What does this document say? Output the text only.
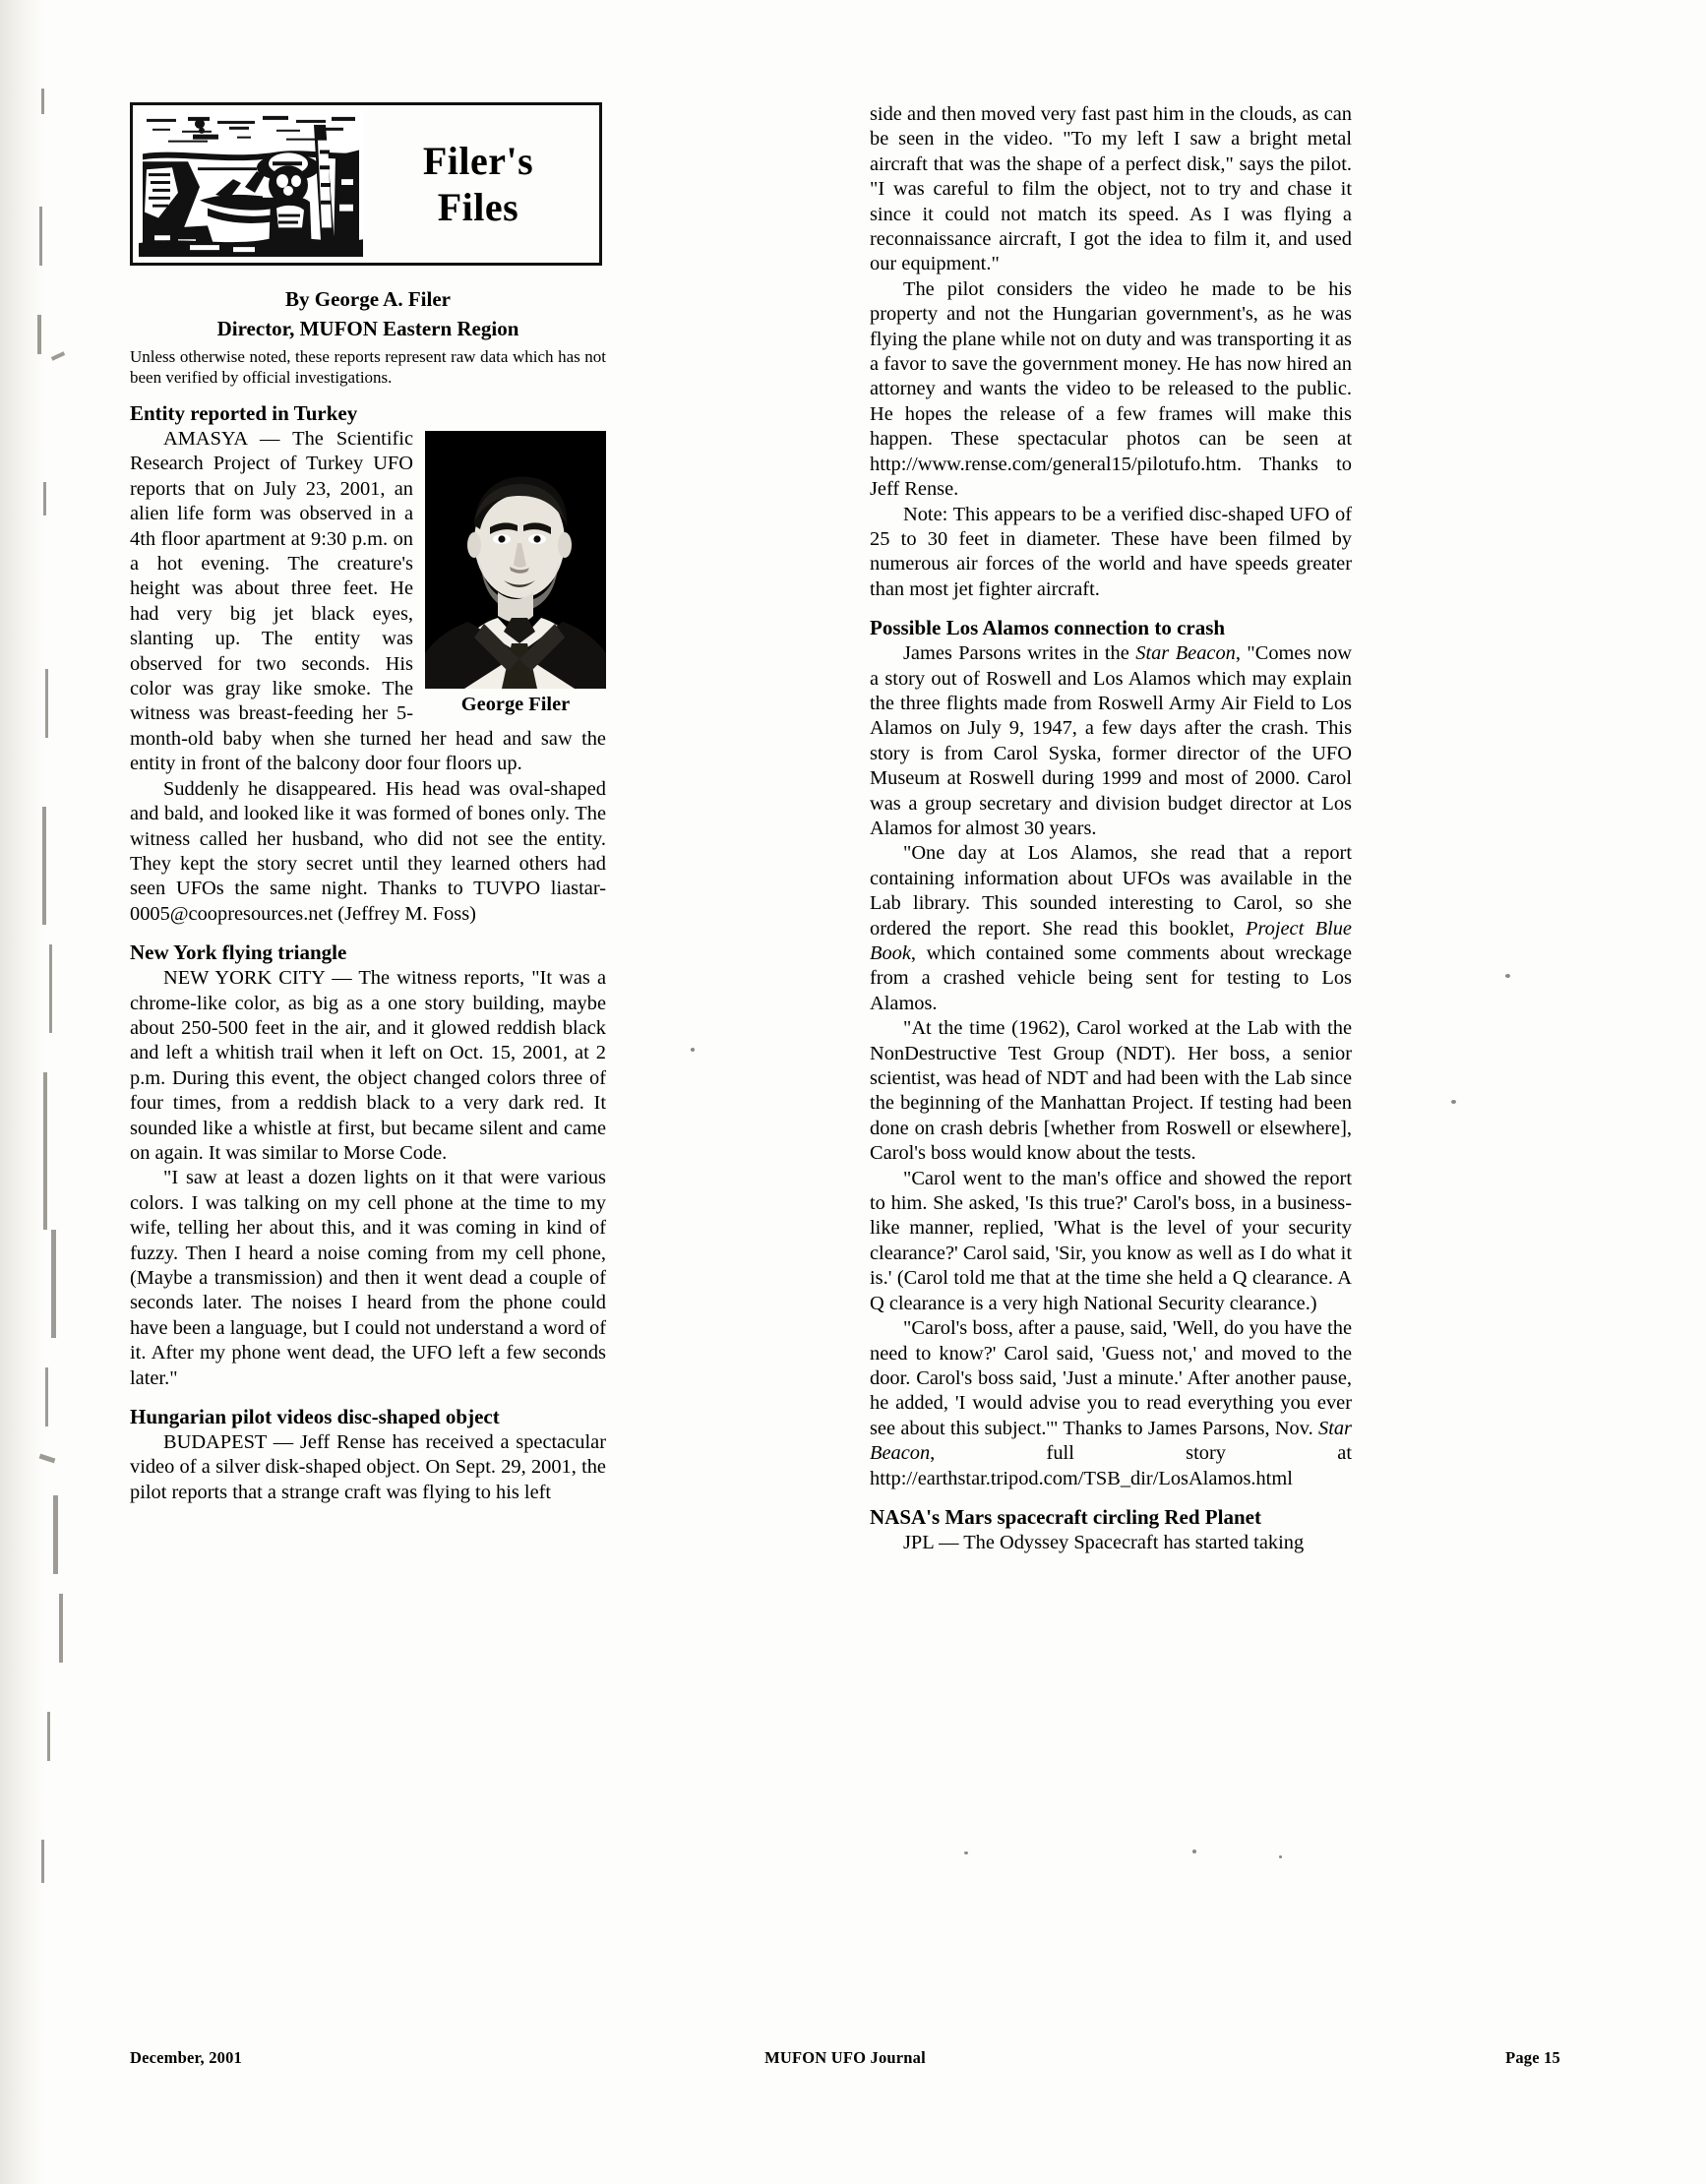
Filer's
Files
By George A. Filer
Director, MUFON Eastern Region
Unless otherwise noted, these reports represent raw data which has not been verified by official investigations.
Entity reported in Turkey
George Filer

AMASYA — The Scientific Research Project of Turkey UFO reports that on July 23, 2001, an alien life form was observed in a 4th floor apartment at 9:30 p.m. on a hot evening. The creature's height was about three feet. He had very big jet black eyes, slanting up. The entity was observed for two seconds. His color was gray like smoke. The witness was breast-feeding her 5-month-old baby when she turned her head and saw the entity in front of the balcony door four floors up.

Suddenly he disappeared. His head was oval-shaped and bald, and looked like it was formed of bones only. The witness called her husband, who did not see the entity. They kept the story secret until they learned others had seen UFOs the same night. Thanks to TUVPO liastar-0005@coopresources.net (Jeffrey M. Foss)

New York flying triangle

NEW YORK CITY — The witness reports, "It was a chrome-like color, as big as a one story building, maybe about 250-500 feet in the air, and it glowed reddish black and left a whitish trail when it left on Oct. 15, 2001, at 2 p.m. During this event, the object changed colors three of four times, from a reddish black to a very dark red. It sounded like a whistle at first, but became silent and came on again. It was similar to Morse Code.

"I saw at least a dozen lights on it that were various colors. I was talking on my cell phone at the time to my wife, telling her about this, and it was coming in kind of fuzzy. Then I heard a noise coming from my cell phone, (Maybe a transmission) and then it went dead a couple of seconds later. The noises I heard from the phone could have been a language, but I could not understand a word of it. After my phone went dead, the UFO left a few seconds later."

Hungarian pilot videos disc-shaped object

BUDAPEST — Jeff Rense has received a spectacular video of a silver disk-shaped object. On Sept. 29, 2001, the pilot reports that a strange craft was flying to his left

side and then moved very fast past him in the clouds, as can be seen in the video. "To my left I saw a bright metal aircraft that was the shape of a perfect disk," says the pilot. "I was careful to film the object, not to try and chase it since it could not match its speed. As I was flying a reconnaissance aircraft, I got the idea to film it, and used our equipment."

The pilot considers the video he made to be his property and not the Hungarian government's, as he was flying the plane while not on duty and was transporting it as a favor to save the government money. He has now hired an attorney and wants the video to be released to the public. He hopes the release of a few frames will make this happen. These spectacular photos can be seen at http://www.rense.com/general15/pilotufo.htm. Thanks to Jeff Rense.

Note: This appears to be a verified disc-shaped UFO of 25 to 30 feet in diameter. These have been filmed by numerous air forces of the world and have speeds greater than most jet fighter aircraft.

Possible Los Alamos connection to crash

James Parsons writes in the Star Beacon, "Comes now a story out of Roswell and Los Alamos which may explain the three flights made from Roswell Army Air Field to Los Alamos on July 9, 1947, a few days after the crash. This story is from Carol Syska, former director of the UFO Museum at Roswell during 1999 and most of 2000. Carol was a group secretary and division budget director at Los Alamos for almost 30 years.

"One day at Los Alamos, she read that a report containing information about UFOs was available in the Lab library. This sounded interesting to Carol, so she ordered the report. She read this booklet, Project Blue Book, which contained some comments about wreckage from a crashed vehicle being sent for testing to Los Alamos.

"At the time (1962), Carol worked at the Lab with the NonDestructive Test Group (NDT). Her boss, a senior scientist, was head of NDT and had been with the Lab since the beginning of the Manhattan Project. If testing had been done on crash debris [whether from Roswell or elsewhere], Carol's boss would know about the tests.

"Carol went to the man's office and showed the report to him. She asked, 'Is this true?' Carol's boss, in a business-like manner, replied, 'What is the level of your security clearance?' Carol said, 'Sir, you know as well as I do what it is.' (Carol told me that at the time she held a Q clearance. A Q clearance is a very high National Security clearance.)

"Carol's boss, after a pause, said, 'Well, do you have the need to know?' Carol said, 'Guess not,' and moved to the door. Carol's boss said, 'Just a minute.' After another pause, he added, 'I would advise you to read everything you ever see about this subject.'" Thanks to James Parsons, Nov. Star Beacon, full story at http://earthstar.tripod.com/TSB_dir/LosAlamos.html

NASA's Mars spacecraft circling Red Planet

JPL — The Odyssey Spacecraft has started taking

December, 2001	MUFON UFO Journal	Page 15
